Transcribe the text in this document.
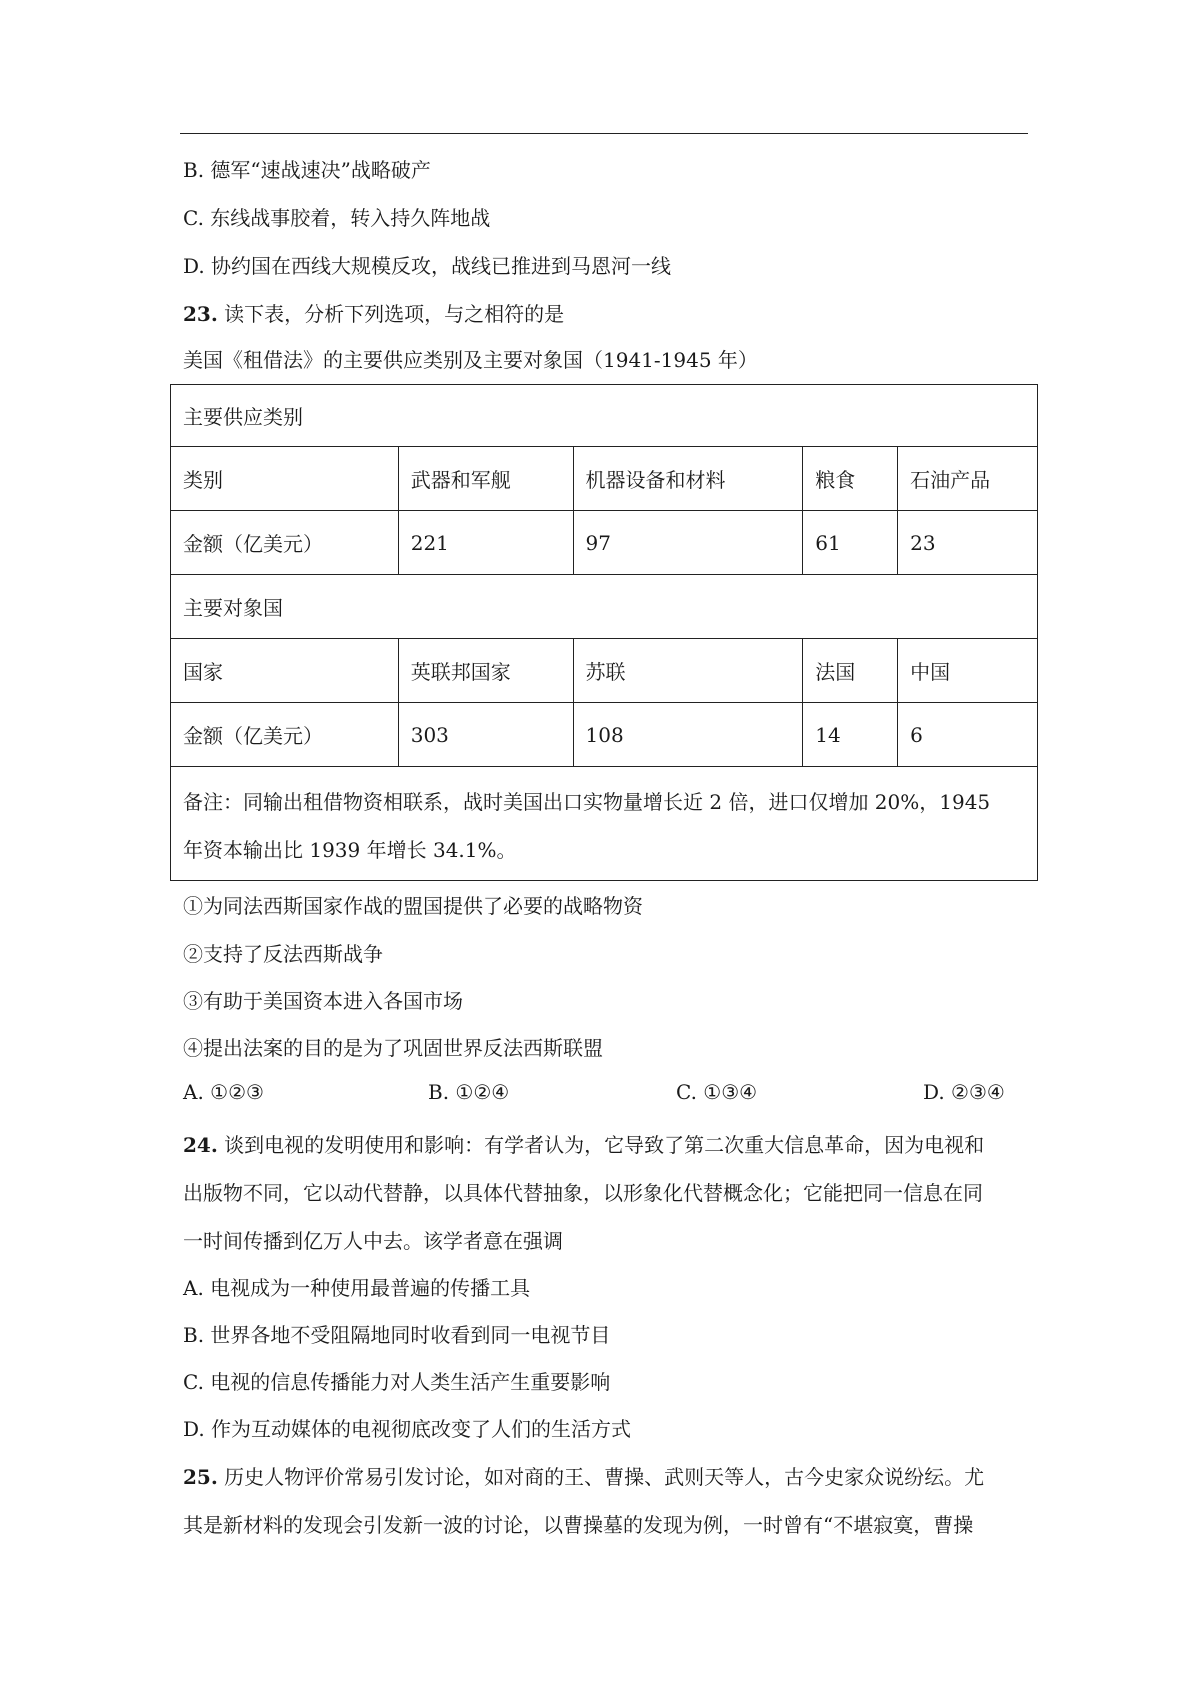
B. 德军“速战速决”战略破产
C. 东线战事胶着，转入持久阵地战
D. 协约国在西线大规模反攻，战线已推进到马恩河一线
23. 读下表，分析下列选项，与之相符的是
美国《租借法》的主要供应类别及主要对象国（1941-1945 年）
主要供应类别				
类别	武器和军舰	机器设备和材料	粮食	石油产品
金额（亿美元）	221	97	61	23
主要对象国				
国家	英联邦国家	苏联	法国	中国
金额（亿美元）	303	108	14	6

备注：同输出租借物资相联系，战时美国出口实物量增长近 2 倍，进口仅增加 20%，1945
年资本输出比 1939 年增长 34.1%。				
①为同法西斯国家作战的盟国提供了必要的战略物资
②支持了反法西斯战争
③有助于美国资本进入各国市场
④提出法案的目的是为了巩固世界反法西斯联盟
A. ①②③	B. ①②④	C. ①③④	D. ②③④
24. 谈到电视的发明使用和影响：有学者认为，它导致了第二次重大信息革命，因为电视和
出版物不同，它以动代替静，以具体代替抽象，以形象化代替概念化；它能把同一信息在同
一时间传播到亿万人中去。该学者意在强调
A. 电视成为一种使用最普遍的传播工具
B. 世界各地不受阻隔地同时收看到同一电视节目
C. 电视的信息传播能力对人类生活产生重要影响
D. 作为互动媒体的电视彻底改变了人们的生活方式
25. 历史人物评价常易引发讨论，如对商的王、曹操、武则天等人，古今史家众说纷纭。尤
其是新材料的发现会引发新一波的讨论，以曹操墓的发现为例，一时曾有“不堪寂寞，曹操
